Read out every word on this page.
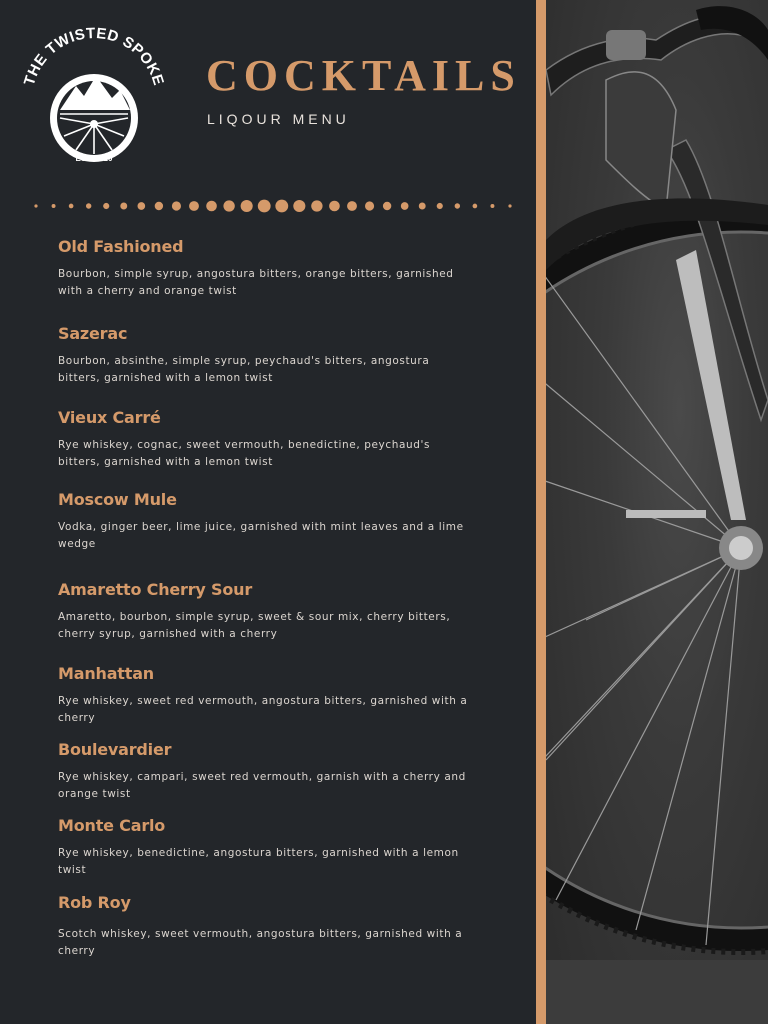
THE TWISTED SPOKE
EST. 2020
COCKTAILS
LIQOUR MENU
Old Fashioned

Bourbon, simple syrup, angostura bitters, orange bitters, garnished with a cherry and orange twist

Sazerac

Bourbon, absinthe, simple syrup, peychaud's bitters, angostura bitters, garnished with a lemon twist

Vieux Carré

Rye whiskey, cognac, sweet vermouth, benedictine, peychaud's bitters, garnished with a lemon twist

Moscow Mule

Vodka, ginger beer, lime juice, garnished with mint leaves and a lime wedge

Amaretto Cherry Sour

Amaretto, bourbon, simple syrup, sweet & sour mix, cherry bitters, cherry syrup, garnished with a cherry

Manhattan

Rye whiskey, sweet red vermouth, angostura bitters, garnished with a cherry

Boulevardier

Rye whiskey, campari, sweet red vermouth, garnish with a cherry and orange twist

Monte Carlo

Rye whiskey, benedictine, angostura bitters, garnished with a lemon twist

Rob Roy

Scotch whiskey, sweet vermouth, angostura bitters, garnished with a cherry
